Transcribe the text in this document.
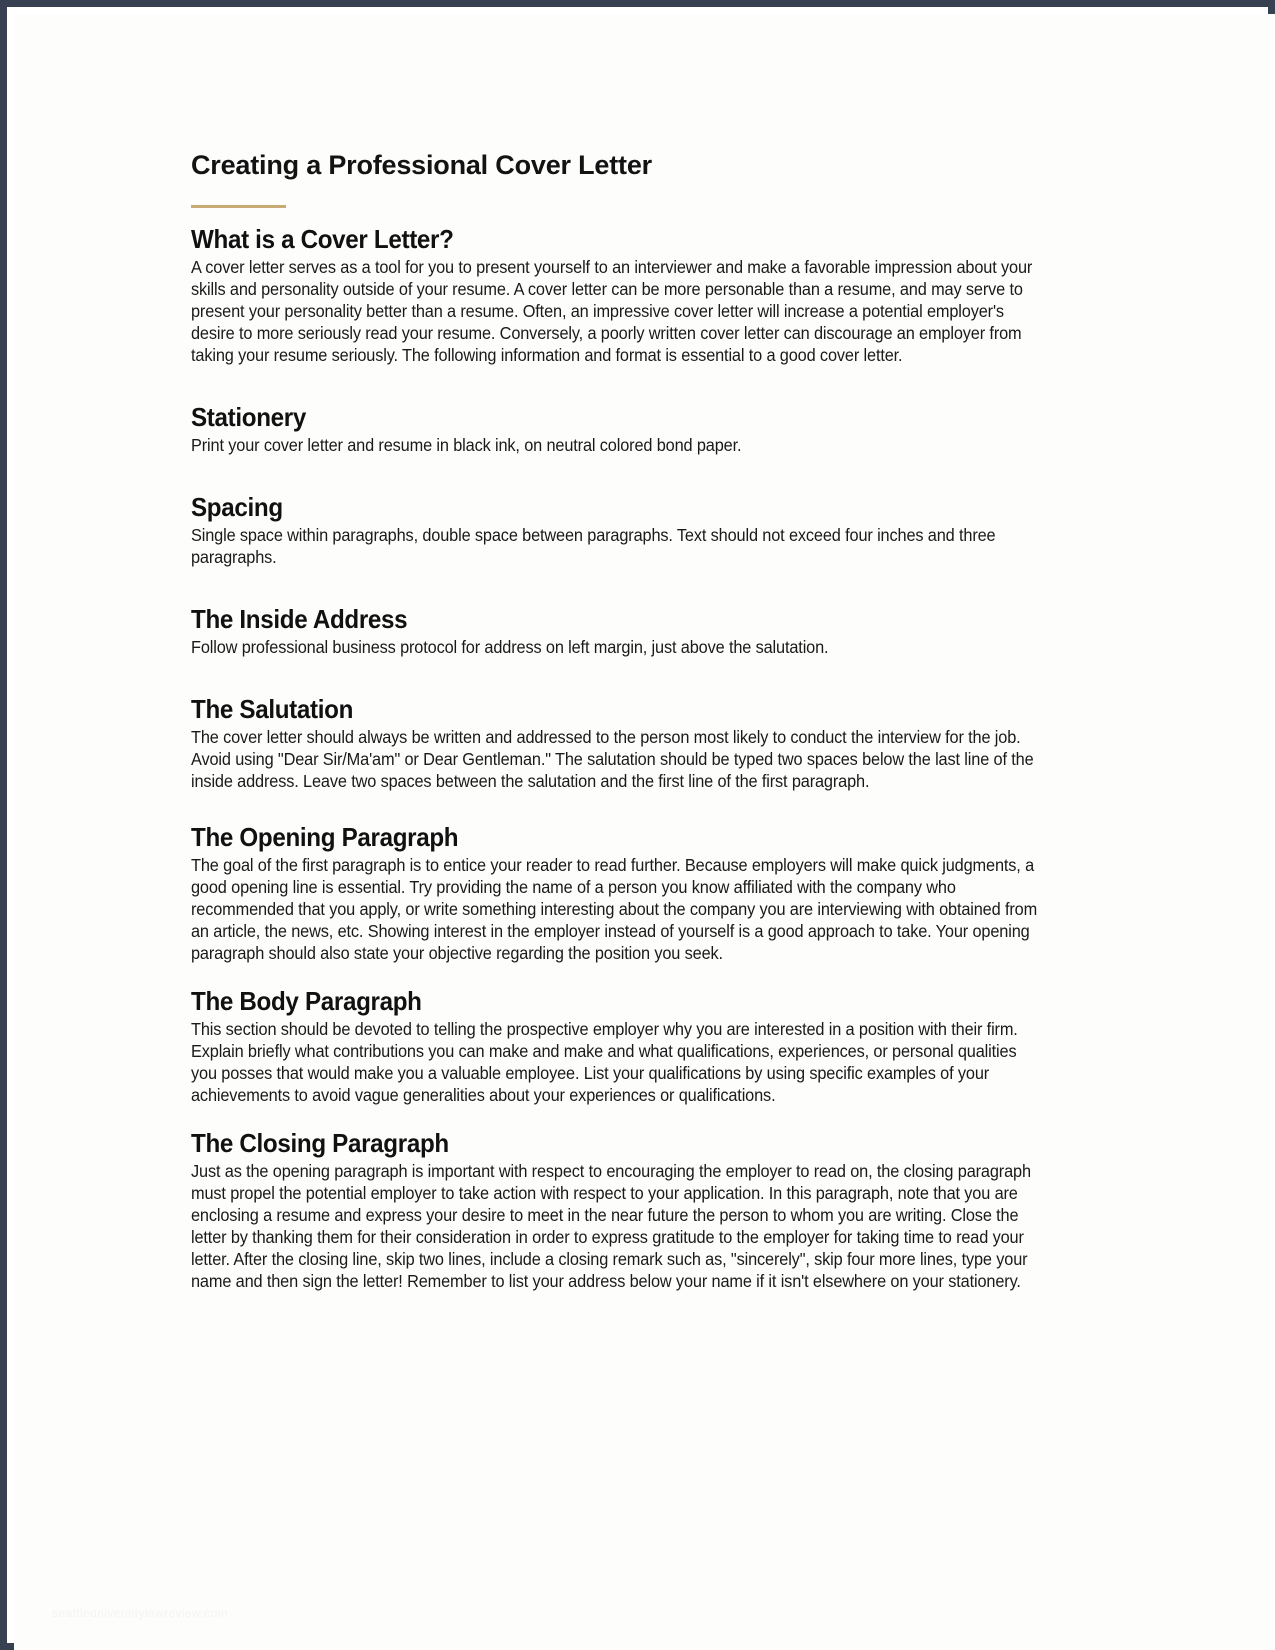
Creating a Professional Cover Letter
What is a Cover Letter?

A cover letter serves as a tool for you to present yourself to an interviewer and make a favorable impression about your skills and personality outside of your resume. A cover letter can be more personable than a resume, and may serve to present your personality better than a resume. Often, an impressive cover letter will increase a potential employer's desire to more seriously read your resume. Conversely, a poorly written cover letter can discourage an employer from taking your resume seriously. The following information and format is essential to a good cover letter.

Stationery

Print your cover letter and resume in black ink, on neutral colored bond paper.

Spacing

Single space within paragraphs, double space between paragraphs. Text should not exceed four inches and three paragraphs.

The Inside Address

Follow professional business protocol for address on left margin, just above the salutation.

The Salutation

The cover letter should always be written and addressed to the person most likely to conduct the interview for the job. Avoid using "Dear Sir/Ma'am" or Dear Gentleman." The salutation should be typed two spaces below the last line of the inside address. Leave two spaces between the salutation and the first line of the first paragraph.

The Opening Paragraph

The goal of the first paragraph is to entice your reader to read further. Because employers will make quick judgments, a good opening line is essential. Try providing the name of a person you know affiliated with the company who recommended that you apply, or write something interesting about the company you are interviewing with obtained from an article, the news, etc. Showing interest in the employer instead of yourself is a good approach to take. Your opening paragraph should also state your objective regarding the position you seek.

The Body Paragraph

This section should be devoted to telling the prospective employer why you are interested in a position with their firm. Explain briefly what contributions you can make and make and what qualifications, experiences, or personal qualities you posses that would make you a valuable employee. List your qualifications by using specific examples of your achievements to avoid vague generalities about your experiences or qualifications.

The Closing Paragraph

Just as the opening paragraph is important with respect to encouraging the employer to read on, the closing paragraph must propel the potential employer to take action with respect to your application. In this paragraph, note that you are enclosing a resume and express your desire to meet in the near future the person to whom you are writing. Close the letter by thanking them for their consideration in order to express gratitude to the employer for taking time to read your letter. After the closing line, skip two lines, include a closing remark such as, "sincerely", skip four more lines, type your name and then sign the letter! Remember to list your address below your name if it isn't elsewhere on your stationery.

seattleuniversitylawreview.com
